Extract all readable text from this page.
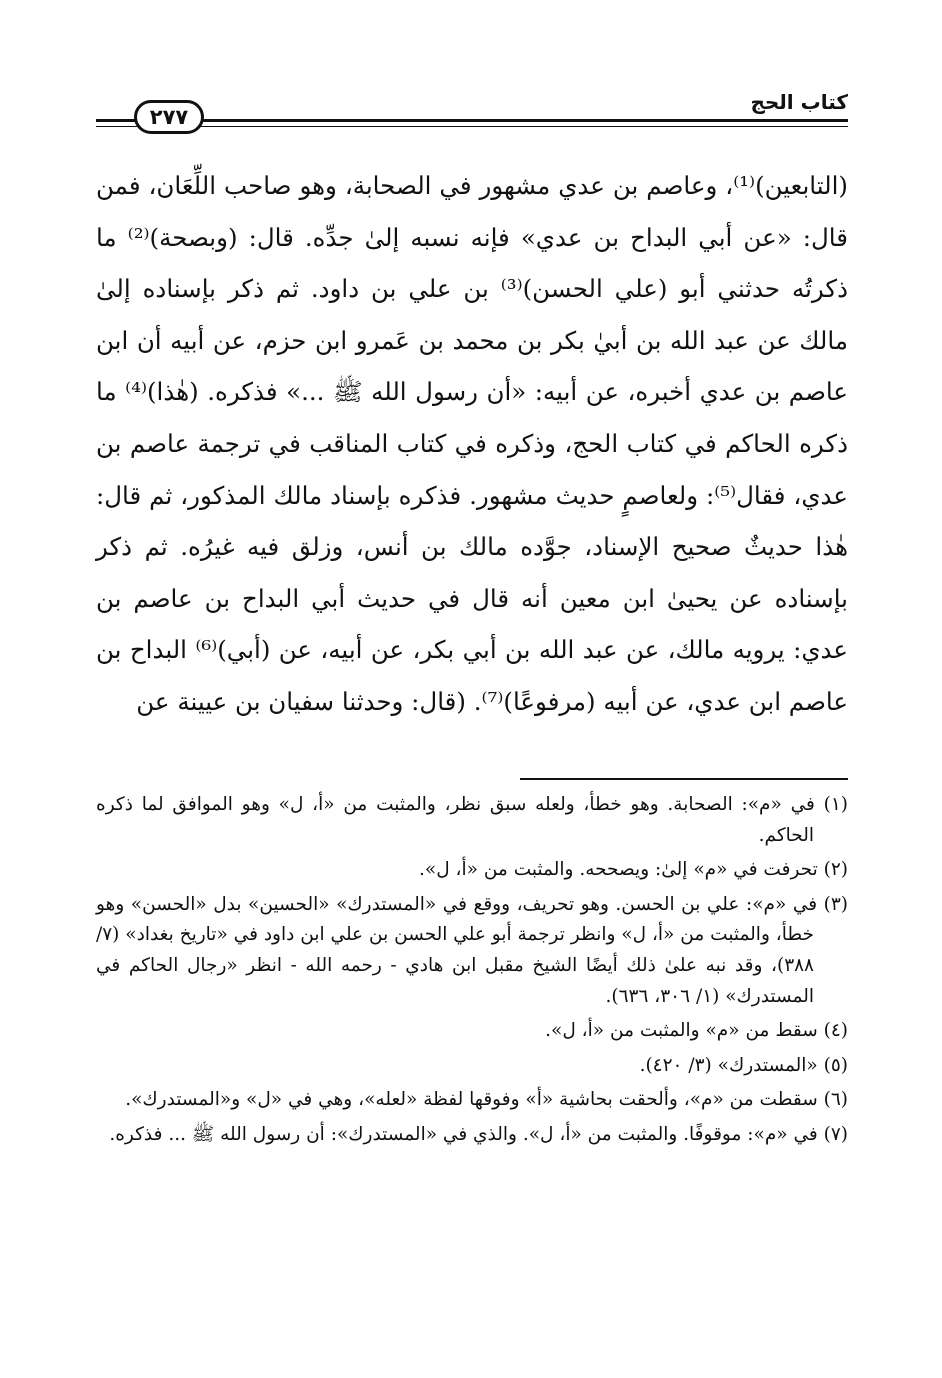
كتاب الحج
٢٧٧

(التابعين)⁽¹⁾، وعاصم بن عدي مشهور في الصحابة، وهو صاحب اللِّعَان، فمن قال: «عن أبي البداح بن عدي» فإنه نسبه إلىٰ جدِّه. قال: (وبصحة)⁽²⁾ ما ذكرتُه حدثني أبو (علي الحسن)⁽³⁾ بن علي بن داود. ثم ذكر بإسناده إلىٰ مالك عن عبد الله بن أبيٰ بكر بن محمد بن عَمرو ابن حزم، عن أبيه أن ابن عاصم بن عدي أخبره، عن أبيه: «أن رسول الله ﷺ ...» فذكره. (هٰذا)⁽⁴⁾ ما ذكره الحاكم في كتاب الحج، وذكره في كتاب المناقب في ترجمة عاصم بن عدي، فقال⁽⁵⁾: ولعاصمٍ حديث مشهور. فذكره بإسناد مالك المذكور، ثم قال: هٰذا حديثٌ صحيح الإسناد، جوَّده مالك بن أنس، وزلق فيه غيرُه. ثم ذكر بإسناده عن يحيىٰ ابن معين أنه قال في حديث أبي البداح بن عاصم بن عدي: يرويه مالك، عن عبد الله بن أبي بكر، عن أبيه، عن (أبي)⁽⁶⁾ البداح بن عاصم ابن عدي، عن أبيه (مرفوعًا)⁽⁷⁾. (قال: وحدثنا سفيان بن عيينة عن

(١) في «م»: الصحابة. وهو خطأ، ولعله سبق نظر، والمثبت من «أ، ل» وهو الموافق لما ذكره الحاكم.

(٢) تحرفت في «م» إلىٰ: ويصححه. والمثبت من «أ، ل».

(٣) في «م»: علي بن الحسن. وهو تحريف، ووقع في «المستدرك» «الحسين» بدل «الحسن» وهو خطأ، والمثبت من «أ، ل» وانظر ترجمة أبو علي الحسن بن علي ابن داود في «تاريخ بغداد» (٧/ ٣٨٨)، وقد نبه علىٰ ذلك أيضًا الشيخ مقبل ابن هادي - رحمه الله - انظر «رجال الحاكم في المستدرك» (١/ ٣٠٦، ٦٣٦).

(٤) سقط من «م» والمثبت من «أ، ل».

(٥) «المستدرك» (٣/ ٤٢٠).

(٦) سقطت من «م»، وألحقت بحاشية «أ» وفوقها لفظة «لعله»، وهي في «ل» و«المستدرك».

(٧) في «م»: موقوفًا. والمثبت من «أ، ل». والذي في «المستدرك»: أن رسول الله ﷺ ... فذكره.
